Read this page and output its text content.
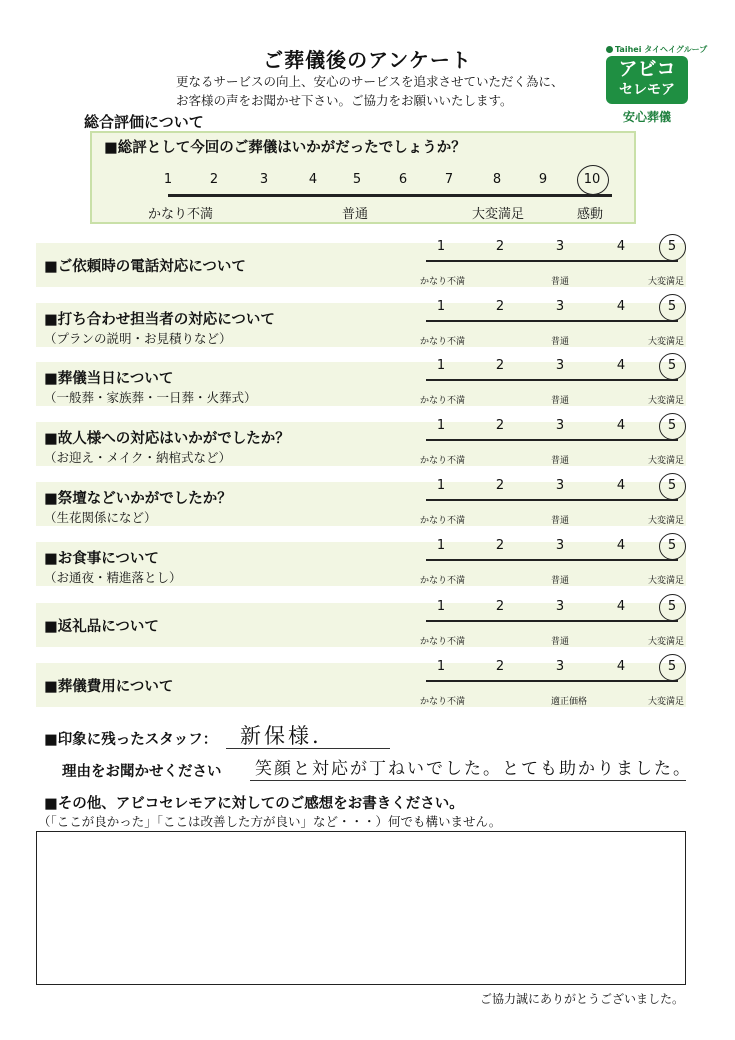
ご葬儀後のアンケート
更なるサービスの向上、安心のサービスを追求させていただく為に、
お客様の声をお聞かせ下さい。ご協力をお願いいたします。
Taihei タイヘイグループ
アビコ
セレモア
安心葬儀
総合評価について
■総評として今回のご葬儀はいかがだったでしょうか？
1	2	3	4	5	6	7	8	9	10
かなり不満	普通	大変満足	感動
■ご依頼時の電話対応について
1	2	3	4	5
かなり不満	普通	大変満足
■打ち合わせ担当者の対応について
（プランの説明・お見積りなど）
1	2	3	4	5
かなり不満	普通	大変満足
■葬儀当日について
（一般葬・家族葬・一日葬・火葬式）
1	2	3	4	5
かなり不満	普通	大変満足
■故人様への対応はいかがでしたか？
（お迎え・メイク・納棺式など）
1	2	3	4	5
かなり不満	普通	大変満足
■祭壇などいかがでしたか？
（生花関係になど）
1	2	3	4	5
かなり不満	普通	大変満足
■お食事について
（お通夜・精進落とし）
1	2	3	4	5
かなり不満	普通	大変満足
■返礼品について
1	2	3	4	5
かなり不満	普通	大変満足
■葬儀費用について
1	2	3	4	5
かなり不満	適正価格	大変満足
■印象に残ったスタッフ： 新保様.
理由をお聞かせください 笑顔と対応が丁ねいでした。とても助かりました。
■その他、アビコセレモアに対してのご感想をお書きください。
（「ここが良かった」「ここは改善した方が良い」など・・・）何でも構いません。
ご協力誠にありがとうございました。
